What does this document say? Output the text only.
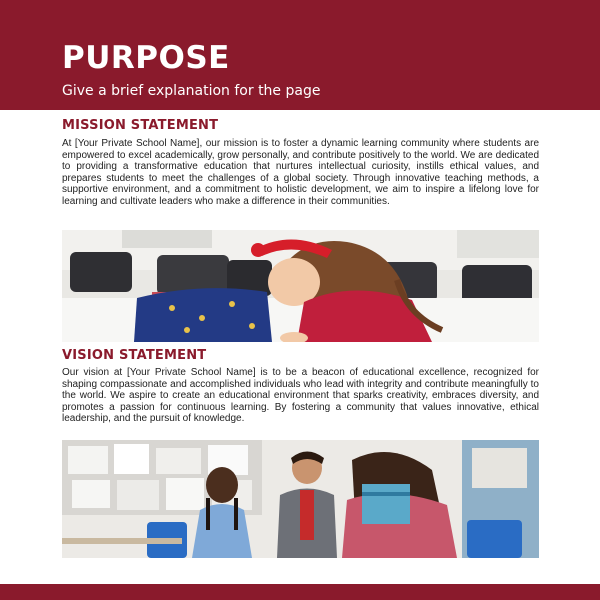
PURPOSE
Give a brief explanation for the page
MISSION STATEMENT

At [Your Private School Name], our mission is to foster a dynamic learning community where students are empowered to excel academically, grow personally, and contribute positively to the world. We are dedicated to providing a transformative education that nurtures intellectual curiosity, instills ethical values, and prepares students to meet the challenges of a global society. Through innovative teaching methods, a supportive environment, and a commitment to holistic development, we aim to inspire a lifelong love for learning and cultivate leaders who make a difference in their communities.

VISION STATEMENT

Our vision at [Your Private School Name] is to be a beacon of educational excellence, recognized for shaping compassionate and accomplished individuals who lead with integrity and contribute meaningfully to the world. We aspire to create an educational environment that sparks creativity, embraces diversity, and promotes a passion for continuous learning. By fostering a community that values innovative, ethical leadership, and the pursuit of knowledge.
